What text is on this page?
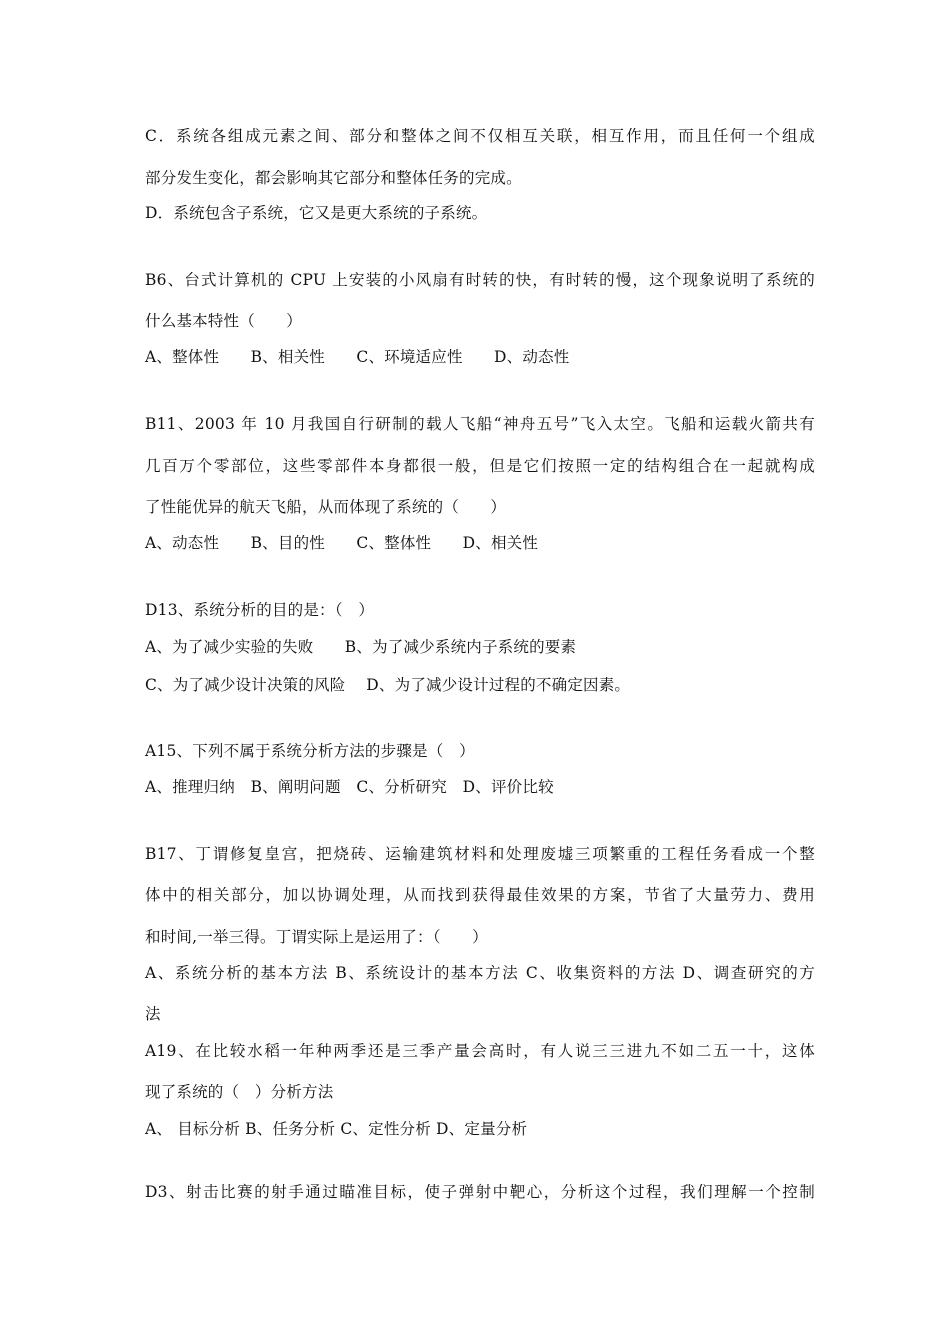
C．系统各组成元素之间、部分和整体之间不仅相互关联，相互作用，而且任何一个组成
部分发生变化，都会影响其它部分和整体任务的完成。
D．系统包含子系统，它又是更大系统的子系统。
B6、台式计算机的 CPU 上安装的小风扇有时转的快，有时转的慢，这个现象说明了系统的
什么基本特性（　　）
A、整体性　　B、相关性　　C、环境适应性　　D、动态性
B11、2003 年 10 月我国自行研制的载人飞船“神舟五号”飞入太空。飞船和运载火箭共有
几百万个零部位，这些零部件本身都很一般，但是它们按照一定的结构组合在一起就构成
了性能优异的航天飞船，从而体现了系统的（　　）
A、动态性　　B、目的性　　C、整体性　　D、相关性
D13、系统分析的目的是：（　）
A、为了减少实验的失败　　B、为了减少系统内子系统的要素
C、为了减少设计决策的风险　 D、为了减少设计过程的不确定因素。
A15、下列不属于系统分析方法的步骤是（　）
A、推理归纳　B、阐明问题　C、分析研究　D、评价比较
B17、丁谓修复皇宫，把烧砖、运输建筑材料和处理废墟三项繁重的工程任务看成一个整
体中的相关部分，加以协调处理，从而找到获得最佳效果的方案，节省了大量劳力、费用
和时间,一举三得。丁谓实际上是运用了：（　　）
A、系统分析的基本方法 B、系统设计的基本方法 C、收集资料的方法 D、调查研究的方
法
A19、在比较水稻一年种两季还是三季产量会高时，有人说三三进九不如二五一十，这体
现了系统的（　）分析方法
A、 目标分析 B、任务分析 C、定性分析 D、定量分析
D3、射击比赛的射手通过瞄准目标，使子弹射中靶心，分析这个过程，我们理解一个控制
